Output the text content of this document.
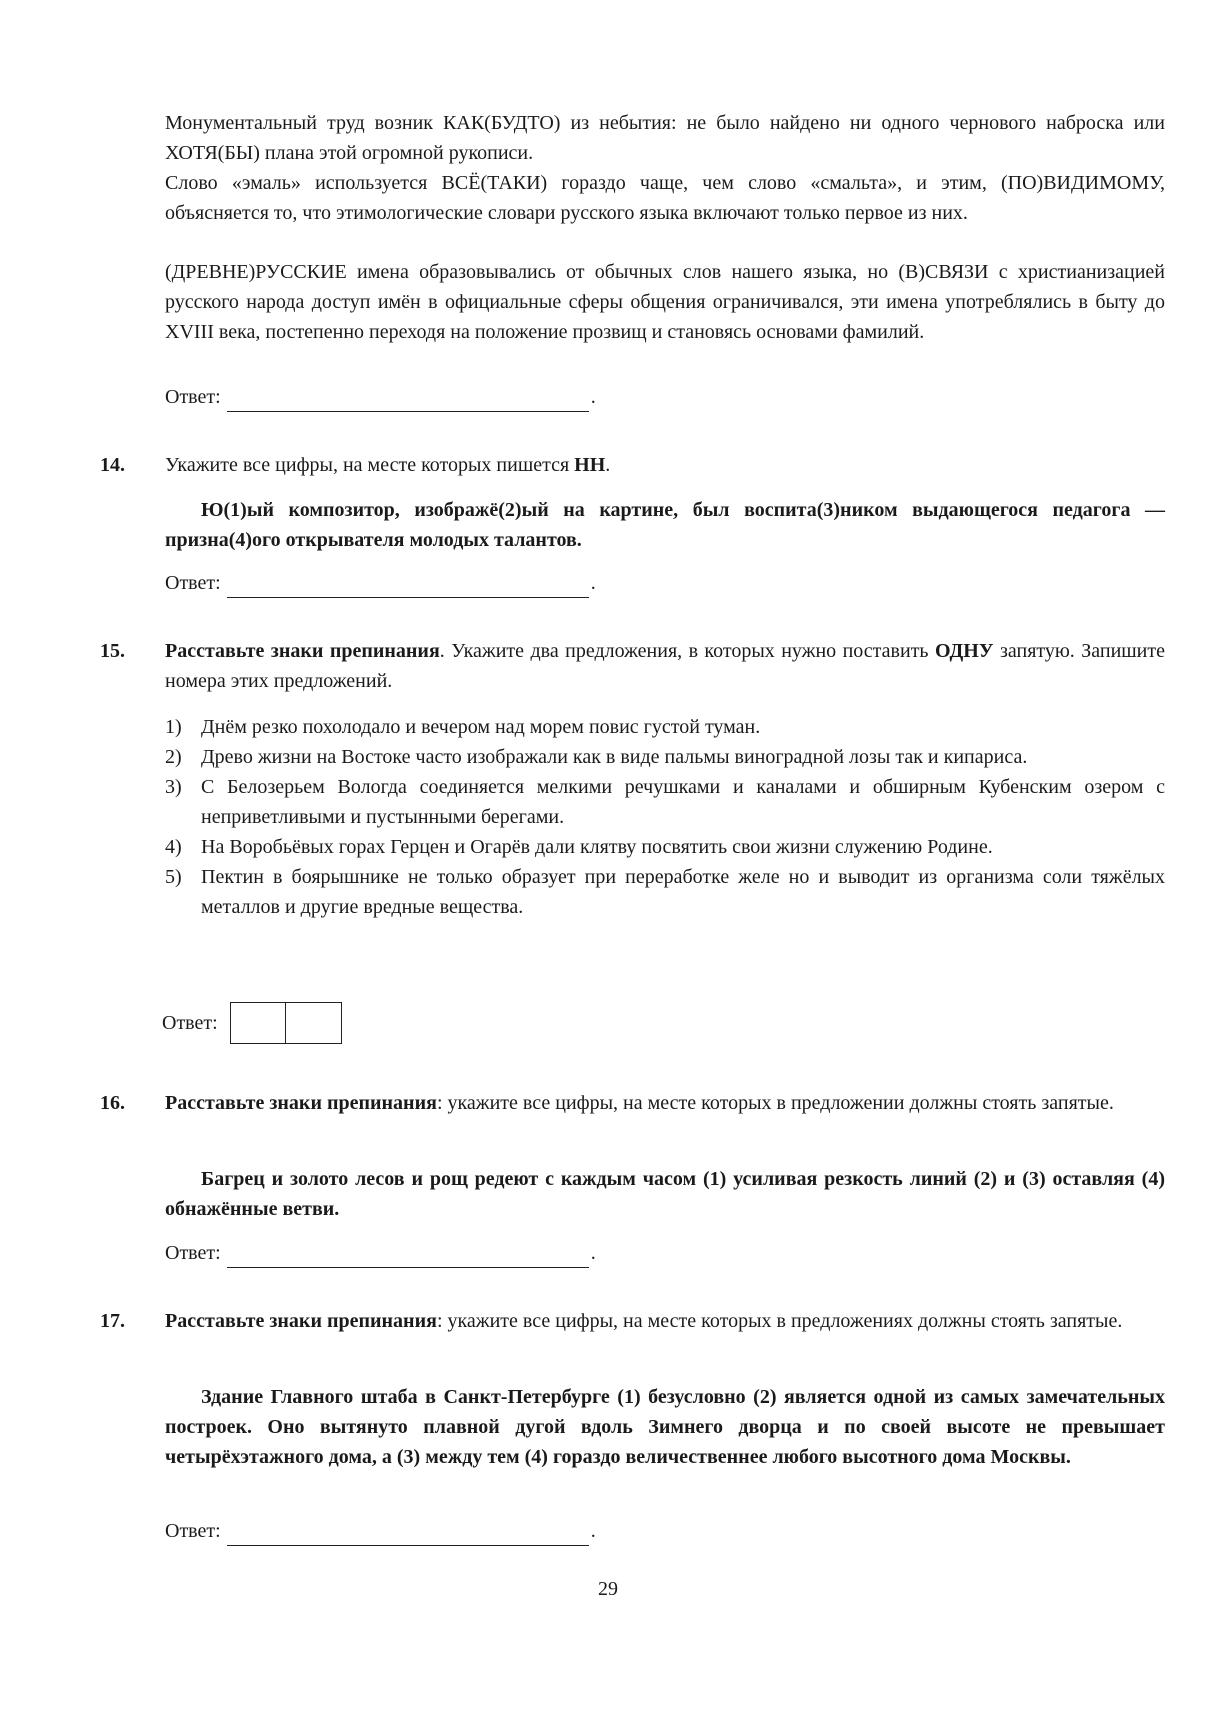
Монументальный труд возник КАК(БУДТО) из небытия: не было найдено ни одного чернового наброска или ХОТЯ(БЫ) плана этой огромной рукописи.

Слово «эмаль» используется ВСЁ(ТАКИ) гораздо чаще, чем слово «смальта», и этим, (ПО)ВИДИМОМУ, объясняется то, что этимологические словари русского языка включают только первое из них.

(ДРЕВНЕ)РУССКИЕ имена образовывались от обычных слов нашего языка, но (В)СВЯЗИ с христианизацией русского народа доступ имён в официальные сферы общения ограничивался, эти имена употреблялись в быту до XVIII века, постепенно переходя на положение прозвищ и становясь основами фамилий.

Ответ:	.

14. Укажите все цифры, на месте которых пишется НН.

Ю(1)ый композитор, изображё(2)ый на картине, был воспита(3)ником выдающегося педагога — призна(4)ого открывателя молодых талантов.

Ответ:	.

15. Расставьте знаки препинания. Укажите два предложения, в которых нужно поставить ОДНУ запятую. Запишите номера этих предложений.

1) Днём резко похолодало и вечером над морем повис густой туман.
2) Древо жизни на Востоке часто изображали как в виде пальмы виноградной лозы так и кипариса.
3) С Белозерьем Вологда соединяется мелкими речушками и каналами и обширным Кубенским озером с неприветливыми и пустынными берегами.
4) На Воробьёвых горах Герцен и Огарёв дали клятву посвятить свои жизни служению Родине.
5) Пектин в боярышнике не только образует при переработке желе но и выводит из организма соли тяжёлых металлов и другие вредные вещества.
Ответ:

16. Расставьте знаки препинания: укажите все цифры, на месте которых в предложении должны стоять запятые.

Багрец и золото лесов и рощ редеют с каждым часом (1) усиливая резкость линий (2) и (3) оставляя (4) обнажённые ветви.

Ответ:	.

17. Расставьте знаки препинания: укажите все цифры, на месте которых в предложениях должны стоять запятые.

Здание Главного штаба в Санкт-Петербурге (1) безусловно (2) является одной из самых замечательных построек. Оно вытянуто плавной дугой вдоль Зимнего дворца и по своей высоте не превышает четырёхэтажного дома, а (3) между тем (4) гораздо величественнее любого высотного дома Москвы.

Ответ:	.

29
